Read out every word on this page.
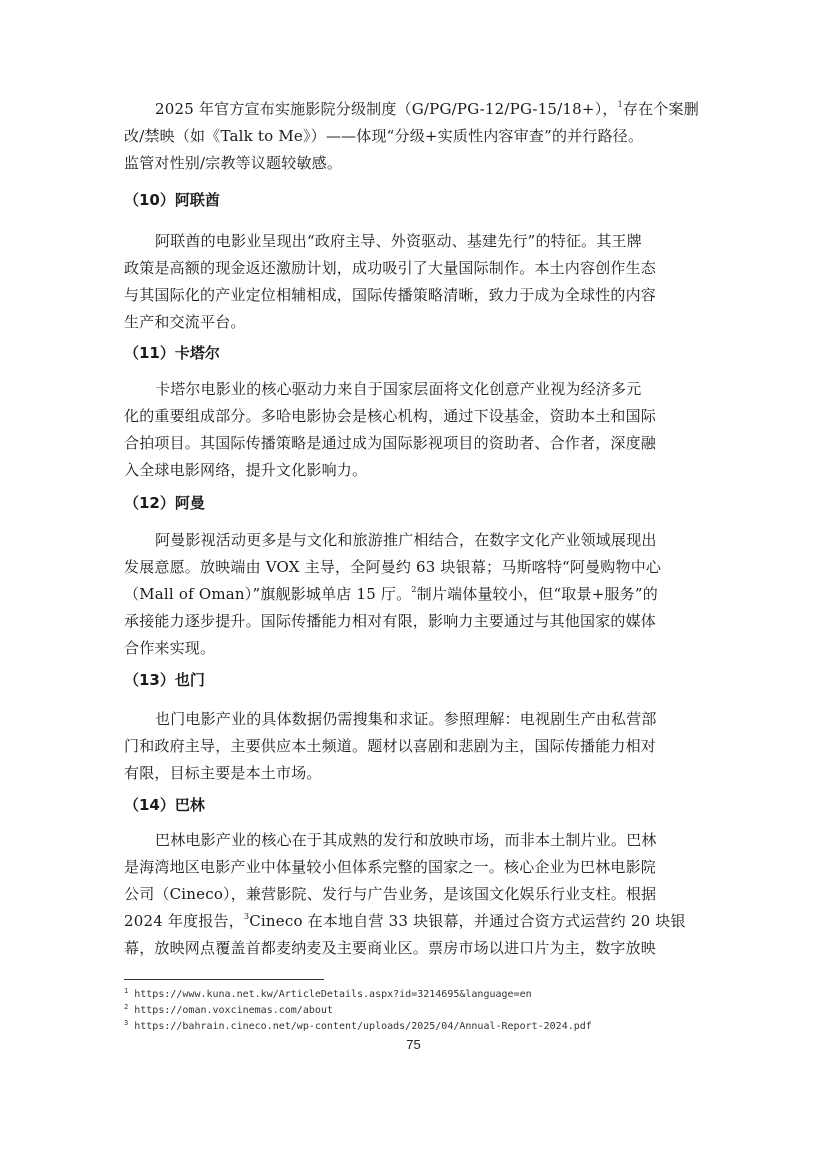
2025 年官方宣布实施影院分级制度（G/PG/PG-12/PG-15/18+），$^1$存在个案删
改/禁映（如《Talk to Me》）——体现“分级+实质性内容审查”的并行路径。
监管对性别/宗教等议题较敏感。
（10）阿联酋
阿联酋的电影业呈现出“政府主导、外资驱动、基建先行”的特征。其王牌
政策是高额的现金返还激励计划，成功吸引了大量国际制作。本土内容创作生态
与其国际化的产业定位相辅相成，国际传播策略清晰，致力于成为全球性的内容
生产和交流平台。
（11）卡塔尔
卡塔尔电影业的核心驱动力来自于国家层面将文化创意产业视为经济多元
化的重要组成部分。多哈电影协会是核心机构，通过下设基金，资助本土和国际
合拍项目。其国际传播策略是通过成为国际影视项目的资助者、合作者，深度融
入全球电影网络，提升文化影响力。
（12）阿曼
阿曼影视活动更多是与文化和旅游推广相结合，在数字文化产业领域展现出
发展意愿。放映端由 VOX 主导，全阿曼约 63 块银幕；马斯喀特“阿曼购物中心
（Mall of Oman）”旗舰影城单店 15 厅。$^2$制片端体量较小，但“取景+服务”的
承接能力逐步提升。国际传播能力相对有限，影响力主要通过与其他国家的媒体
合作来实现。
（13）也门
也门电影产业的具体数据仍需搜集和求证。参照理解：电视剧生产由私营部
门和政府主导，主要供应本土频道。题材以喜剧和悲剧为主，国际传播能力相对
有限，目标主要是本土市场。
（14）巴林
巴林电影产业的核心在于其成熟的发行和放映市场，而非本土制片业。巴林
是海湾地区电影产业中体量较小但体系完整的国家之一。核心企业为巴林电影院
公司（Cineco），兼营影院、发行与广告业务，是该国文化娱乐行业支柱。根据
2024 年度报告，$^3$Cineco 在本地自营 33 块银幕，并通过合资方式运营约 20 块银
幕，放映网点覆盖首都麦纳麦及主要商业区。票房市场以进口片为主，数字放映
$^1$ https://www.kuna.net.kw/ArticleDetails.aspx?id=3214695&language=en
$^2$ https://oman.voxcinemas.com/about
$^3$ https://bahrain.cineco.net/wp-content/uploads/2025/04/Annual-Report-2024.pdf
75
